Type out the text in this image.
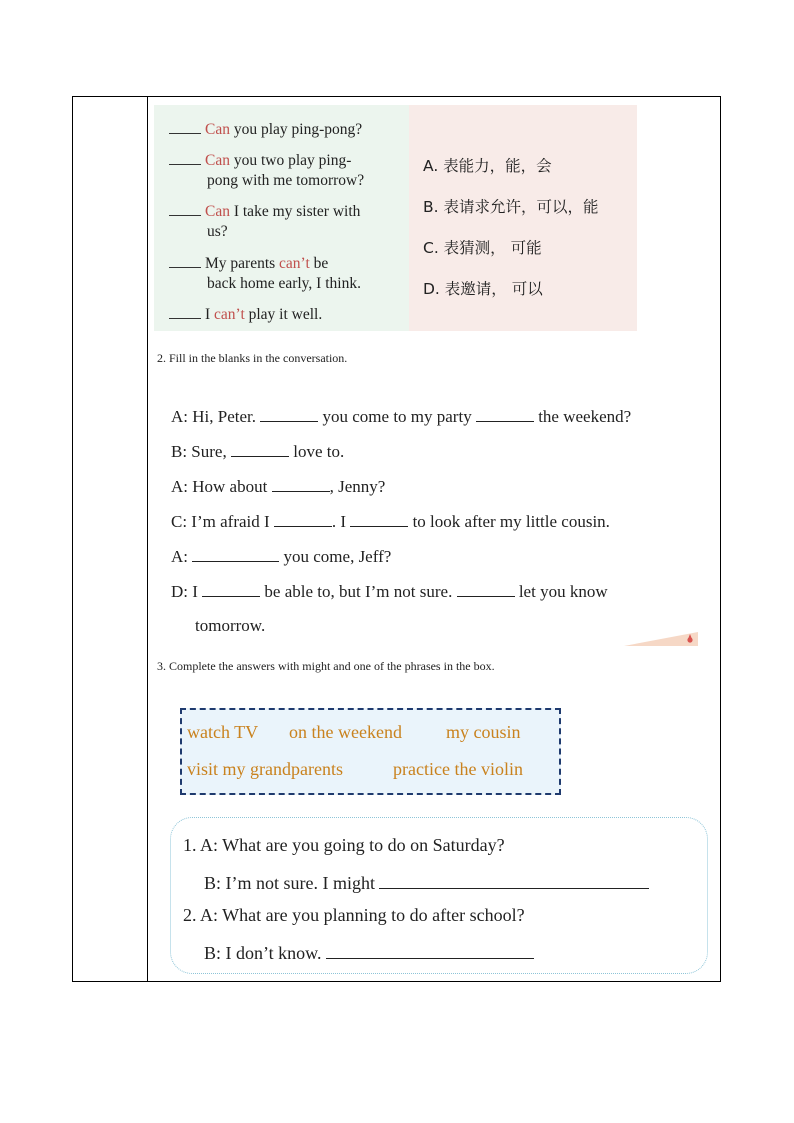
Can you play ping-pong?
Can you two play ping-
pong with me tomorrow?
Can I take my sister with
us?
My parents can’t be
back home early, I think.
I can’t play it well.
A. 表能力，能，会
B. 表请求允许，可以，能
C. 表猜测， 可能
D. 表邀请， 可以
2. Fill in the blanks in the conversation.
A: Hi, Peter.	you come to my party	the weekend?
B: Sure,	love to.
A: How about	, Jenny?
C: I’m afraid I	. I	to look after my little cousin.
A:	you come, Jeff?
D: I	be able to, but I’m not sure.	let you know
tomorrow.
3. Complete the answers with might and one of the phrases in the box.
watch TV on the weekend my cousin
visit my grandparents	practice the violin
1. A: What are you going to do on Saturday?
B: I’m not sure. I might
2. A: What are you planning to do after school?
B: I don’t know.
